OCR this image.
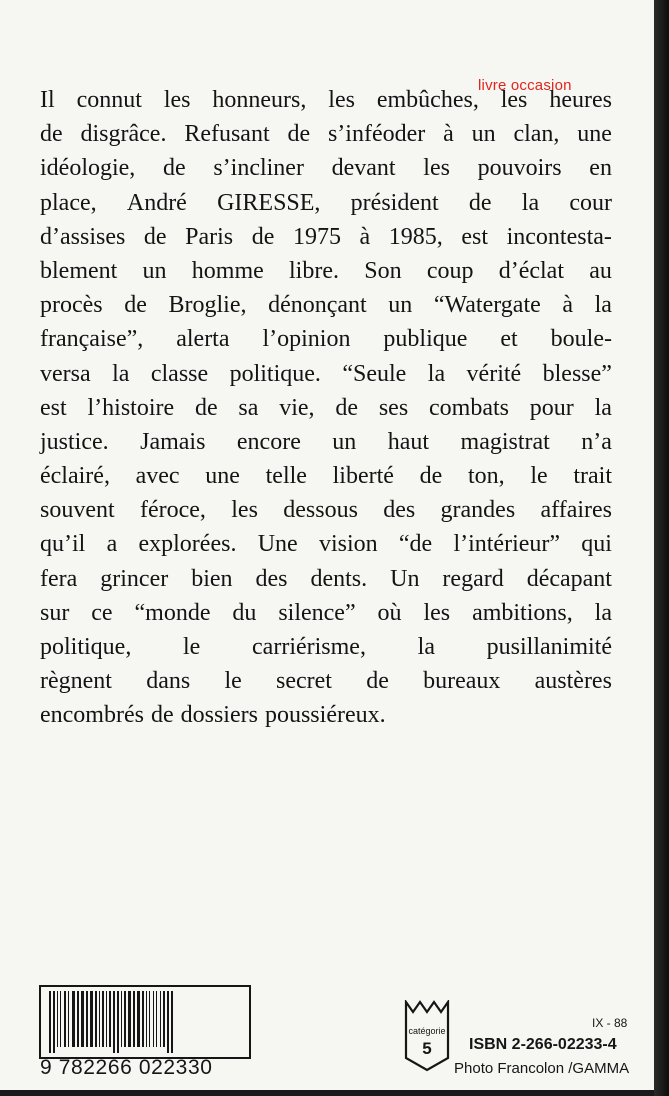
livre occasion
Il connut les honneurs, les embûches, les heures
de disgrâce. Refusant de s’inféoder à un clan, une
idéologie, de s’incliner devant les pouvoirs en
place, André GIRESSE, président de la cour
d’assises de Paris de 1975 à 1985, est incontesta-
blement un homme libre. Son coup d’éclat au
procès de Broglie, dénonçant un “Watergate à la
française”, alerta l’opinion publique et boule-
versa la classe politique. “Seule la vérité blesse”
est l’histoire de sa vie, de ses combats pour la
justice. Jamais encore un haut magistrat n’a
éclairé, avec une telle liberté de ton, le trait
souvent féroce, les dessous des grandes affaires
qu’il a explorées. Une vision “de l’intérieur” qui
fera grincer bien des dents. Un regard décapant
sur ce “monde du silence” où les ambitions, la
politique, le carriérisme, la pusillanimité
règnent dans le secret de bureaux austères
encombrés de dossiers poussiéreux.
9 782266 022330
catégorie
5
IX - 88
ISBN 2-266-02233-4
Photo Francolon /GAMMA
